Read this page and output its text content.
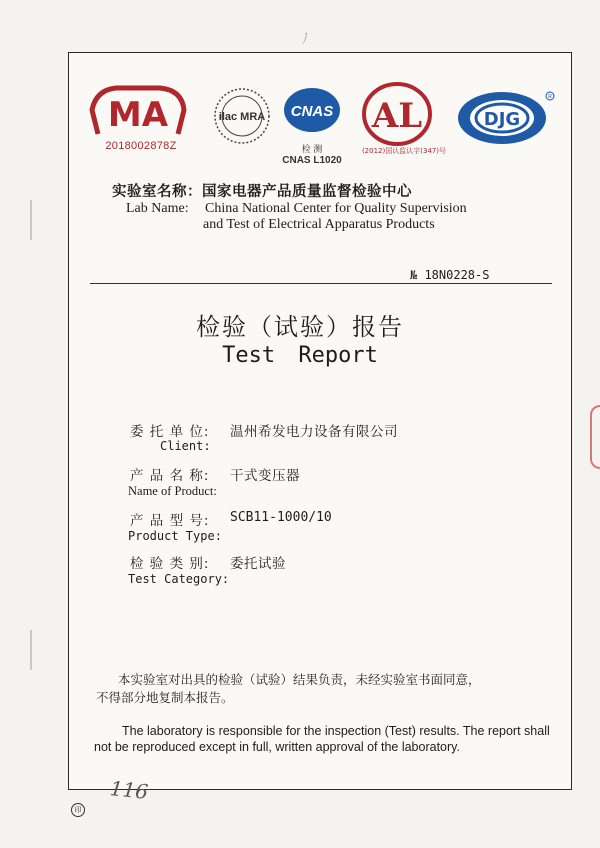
ノ
MA
2018002878Z
ilac MRA CNAS
检 测
CNAS L1020
AL
(2012)国认监认字(347)号
DJG
R
实验室名称：国家电器产品质量监督检验中心
Lab Name: China National Center for Quality Supervision
and Test of Electrical Apparatus Products
№ 18N0228-S
检验（试验）报告
Test Report
委 托 单 位: 温州希发电力设备有限公司
Client:
产 品 名 称: 干式变压器
Name of Product:
产 品 型 号: SCB11-1000/10
Product Type:
检 验 类 别: 委托试验
Test Category:
本实验室对出具的检验（试验）结果负责，未经实验室书面同意，
不得部分地复制本报告。
The laboratory is responsible for the inspection (Test) results. The report shall
not be reproduced except in full, written approval of the laboratory.
116
印
